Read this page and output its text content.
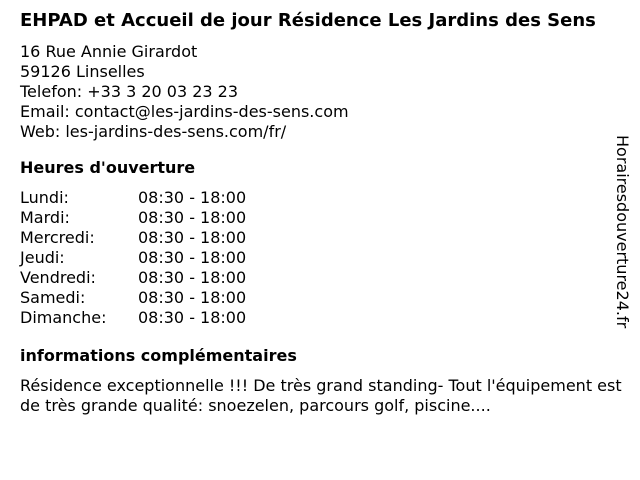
EHPAD et Accueil de jour Résidence Les Jardins des Sens
16 Rue Annie Girardot
59126 Linselles
Telefon: +33 3 20 03 23 23
Email: contact@les-jardins-des-sens.com
Web: les-jardins-des-sens.com/fr/
Heures d'ouverture
Lundi:	08:30 - 18:00
Mardi:	08:30 - 18:00
Mercredi:	08:30 - 18:00
Jeudi:	08:30 - 18:00
Vendredi:	08:30 - 18:00
Samedi:	08:30 - 18:00
Dimanche:	08:30 - 18:00
informations complémentaires
Résidence exceptionnelle !!! De très grand standing- Tout l'équipement est de très grande qualité: snoezelen, parcours golf, piscine....
Horairesdouverture24.fr
